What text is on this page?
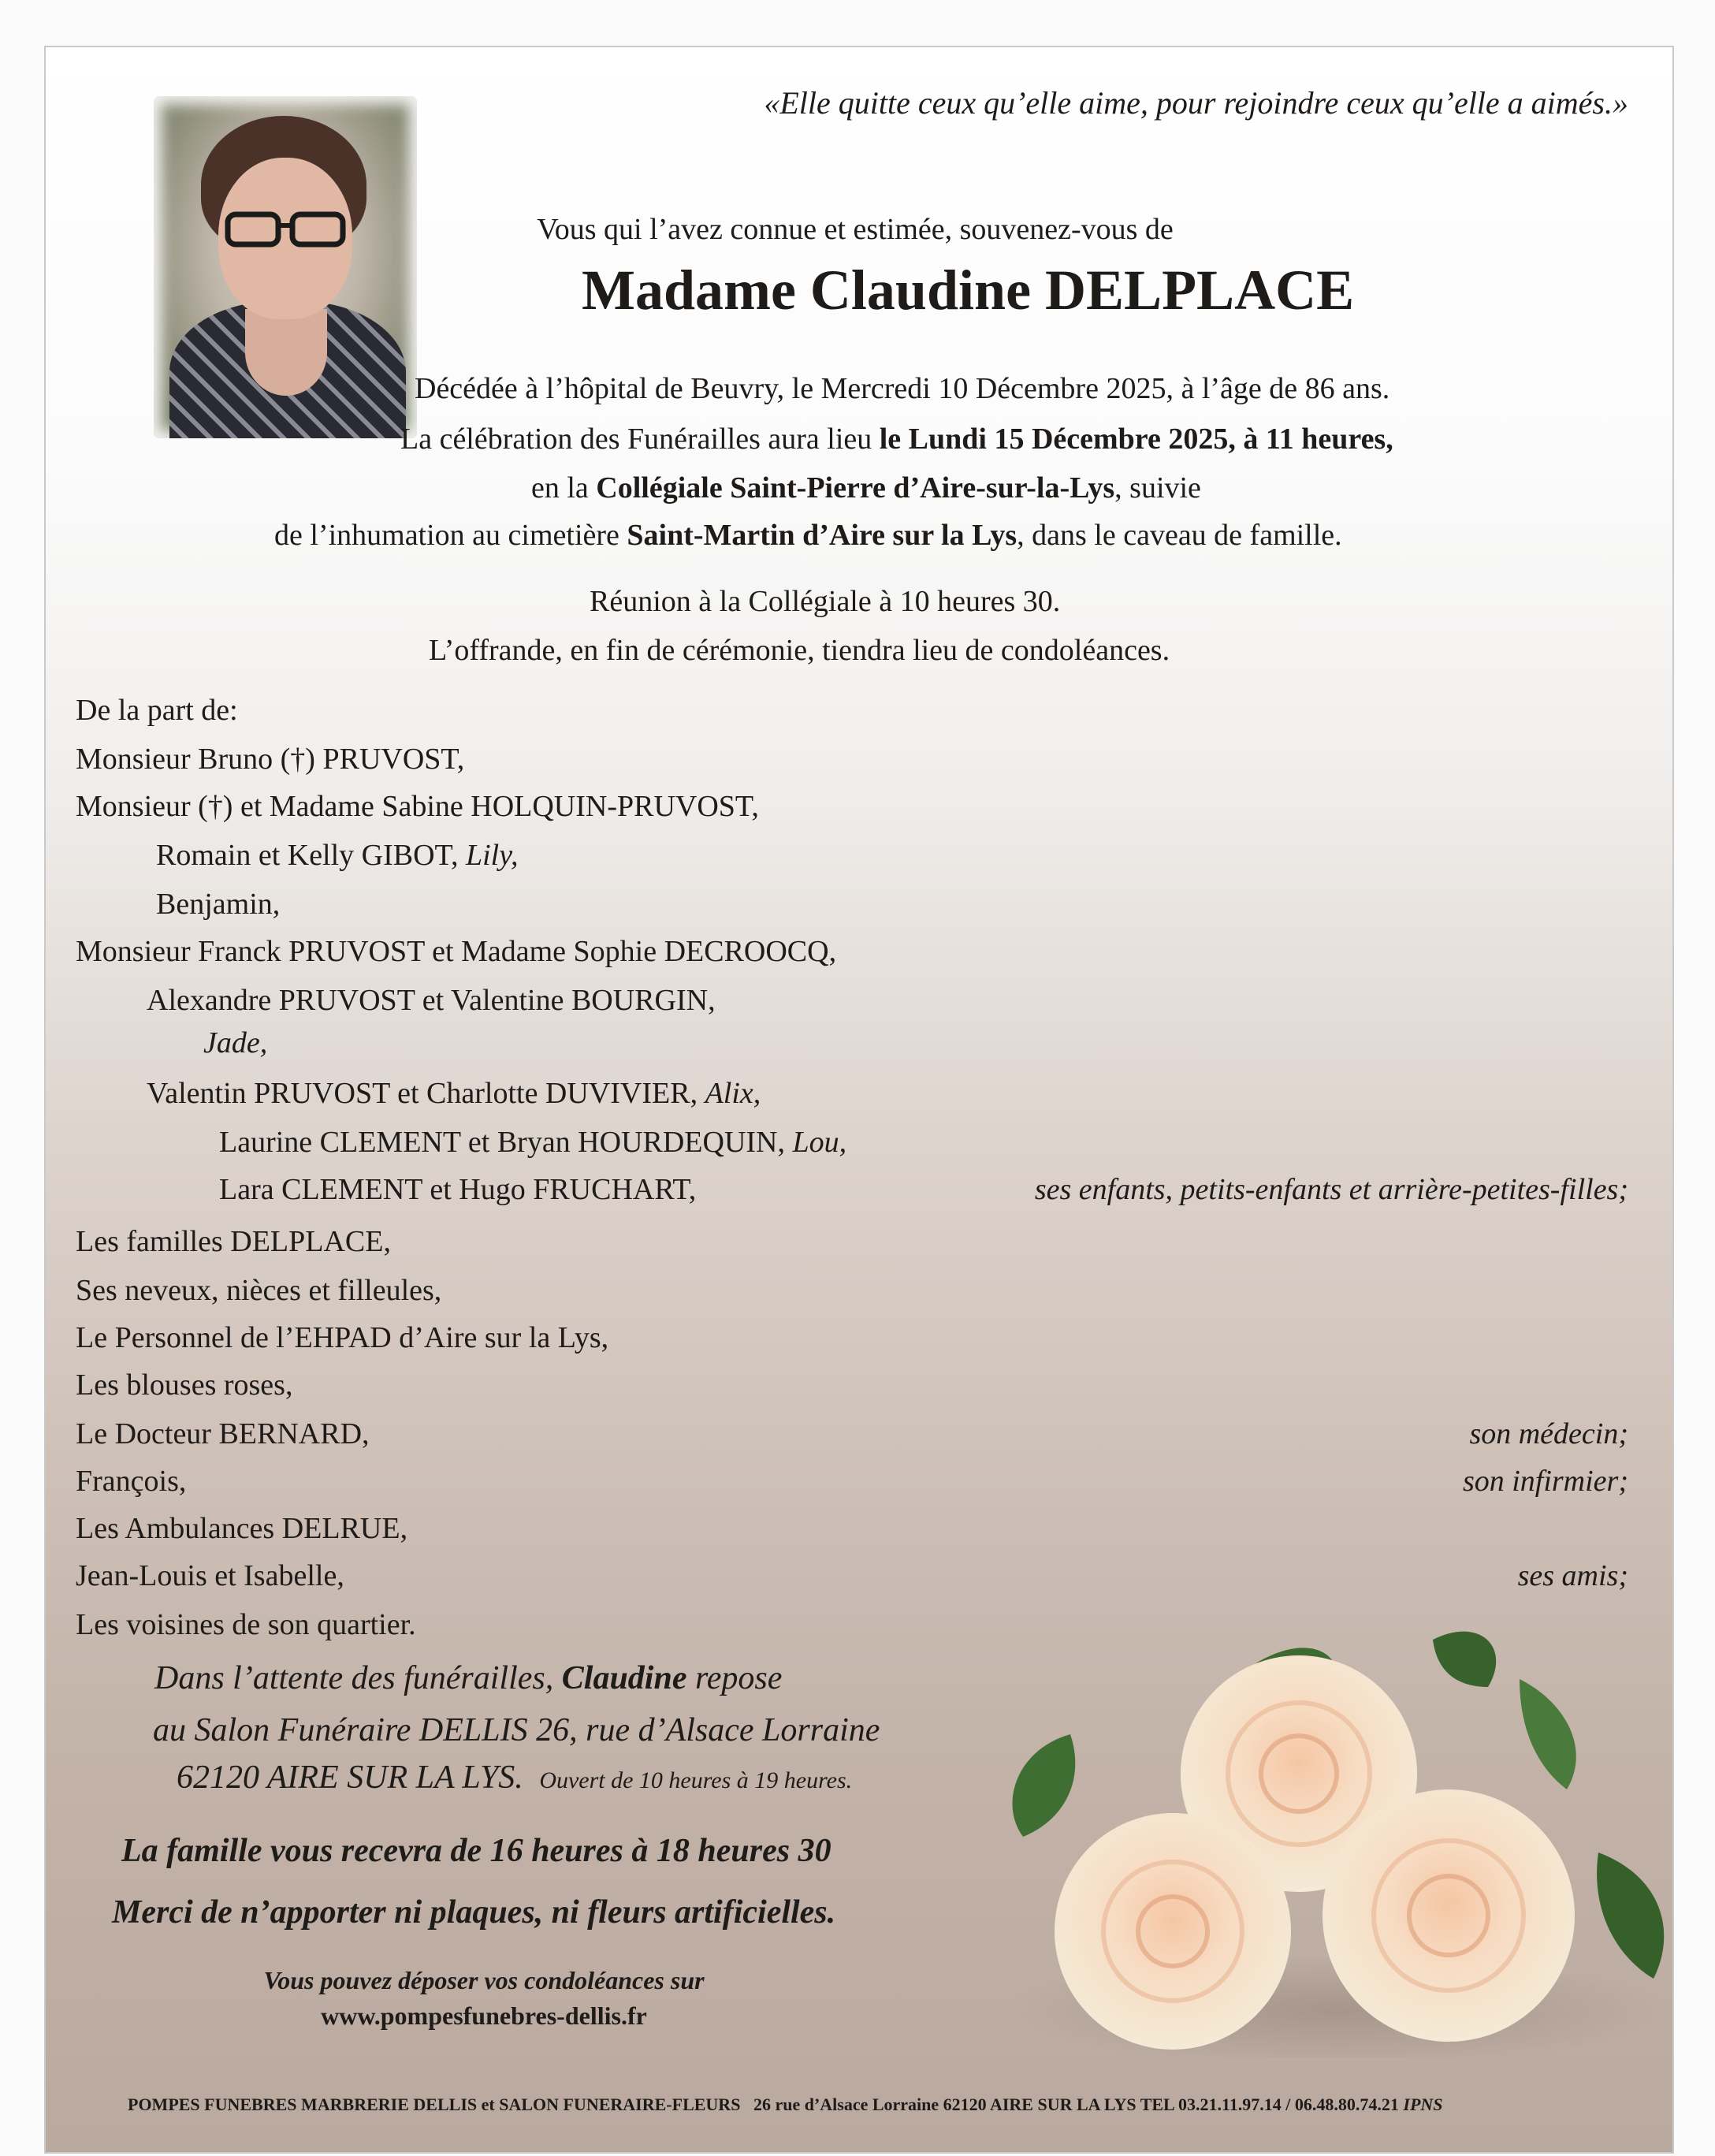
«Elle quitte ceux qu’elle aime, pour rejoindre ceux qu’elle a aimés.»
Vous qui l’avez connue et estimée, souvenez-vous de
Madame Claudine DELPLACE
Décédée à l’hôpital de Beuvry, le Mercredi 10 Décembre 2025, à l’âge de 86 ans.
La célébration des Funérailles aura lieu le Lundi 15 Décembre 2025, à 11 heures,
en la Collégiale Saint-Pierre d’Aire-sur-la-Lys, suivie
de l’inhumation au cimetière Saint-Martin d’Aire sur la Lys, dans le caveau de famille.
Réunion à la Collégiale à 10 heures 30.
L’offrande, en fin de cérémonie, tiendra lieu de condoléances.
De la part de:
Monsieur Bruno (†) PRUVOST,
Monsieur (†) et Madame Sabine HOLQUIN-PRUVOST,
Romain et Kelly GIBOT, Lily,
Benjamin,
Monsieur Franck PRUVOST et Madame Sophie DECROOCQ,
Alexandre PRUVOST et Valentine BOURGIN,
Jade,
Valentin PRUVOST et Charlotte DUVIVIER, Alix,
Laurine CLEMENT et Bryan HOURDEQUIN, Lou,
Lara CLEMENT et Hugo FRUCHART,	ses enfants, petits-enfants et arrière-petites-filles;
Les familles DELPLACE,
Ses neveux, nièces et filleules,
Le Personnel de l’EHPAD d’Aire sur la Lys,
Les blouses roses,
Le Docteur BERNARD,	son médecin;
François,	son infirmier;
Les Ambulances DELRUE,
Jean-Louis et Isabelle,	ses amis;
Les voisines de son quartier.
Dans l’attente des funérailles, Claudine repose
au Salon Funéraire DELLIS 26, rue d’Alsace Lorraine
62120 AIRE SUR LA LYS. Ouvert de 10 heures à 19 heures.
La famille vous recevra de 16 heures à 18 heures 30
Merci de n’apporter ni plaques, ni fleurs artificielles.
Vous pouvez déposer vos condoléances sur
www.pompesfunebres-dellis.fr
POMPES FUNEBRES MARBRERIE DELLIS et SALON FUNERAIRE-FLEURS 26 rue d’Alsace Lorraine 62120 AIRE SUR LA LYS TEL 03.21.11.97.14 / 06.48.80.74.21 IPNS
